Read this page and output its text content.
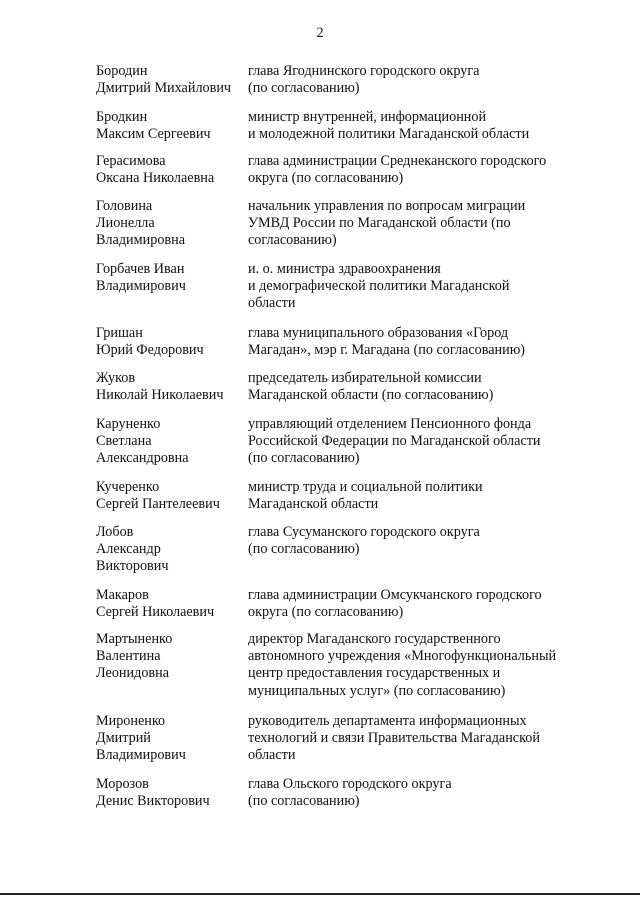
2
Бородин
Дмитрий Михайлович
глава Ягоднинского городского округа
(по согласованию)
Бродкин
Максим Сергеевич
министр внутренней, информационной
и молодежной политики Магаданской области
Герасимова
Оксана Николаевна
глава администрации Среднеканского городского
округа (по согласованию)
Головина
Лионелла
Владимировна
начальник управления по вопросам миграции
УМВД России по Магаданской области (по
согласованию)
Горбачев Иван
Владимирович
и. о. министра здравоохранения
и демографической политики Магаданской
области
Гришан
Юрий Федорович
глава муниципального образования «Город
Магадан», мэр г. Магадана (по согласованию)
Жуков
Николай Николаевич
председатель избирательной комиссии
Магаданской области (по согласованию)
Каруненко
Светлана
Александровна
управляющий отделением Пенсионного фонда
Российской Федерации по Магаданской области
(по согласованию)
Кучеренко
Сергей Пантелеевич
министр труда и социальной политики
Магаданской области
Лобов
Александр
Викторович
глава Сусуманского городского округа
(по согласованию)
Макаров
Сергей Николаевич
глава администрации Омсукчанского городского
округа (по согласованию)
Мартыненко
Валентина
Леонидовна
директор Магаданского государственного
автономного учреждения «Многофункциональный
центр предоставления государственных и
муниципальных услуг» (по согласованию)
Мироненко
Дмитрий
Владимирович
руководитель департамента информационных
технологий и связи Правительства Магаданской
области
Морозов
Денис Викторович
глава Ольского городского округа
(по согласованию)
